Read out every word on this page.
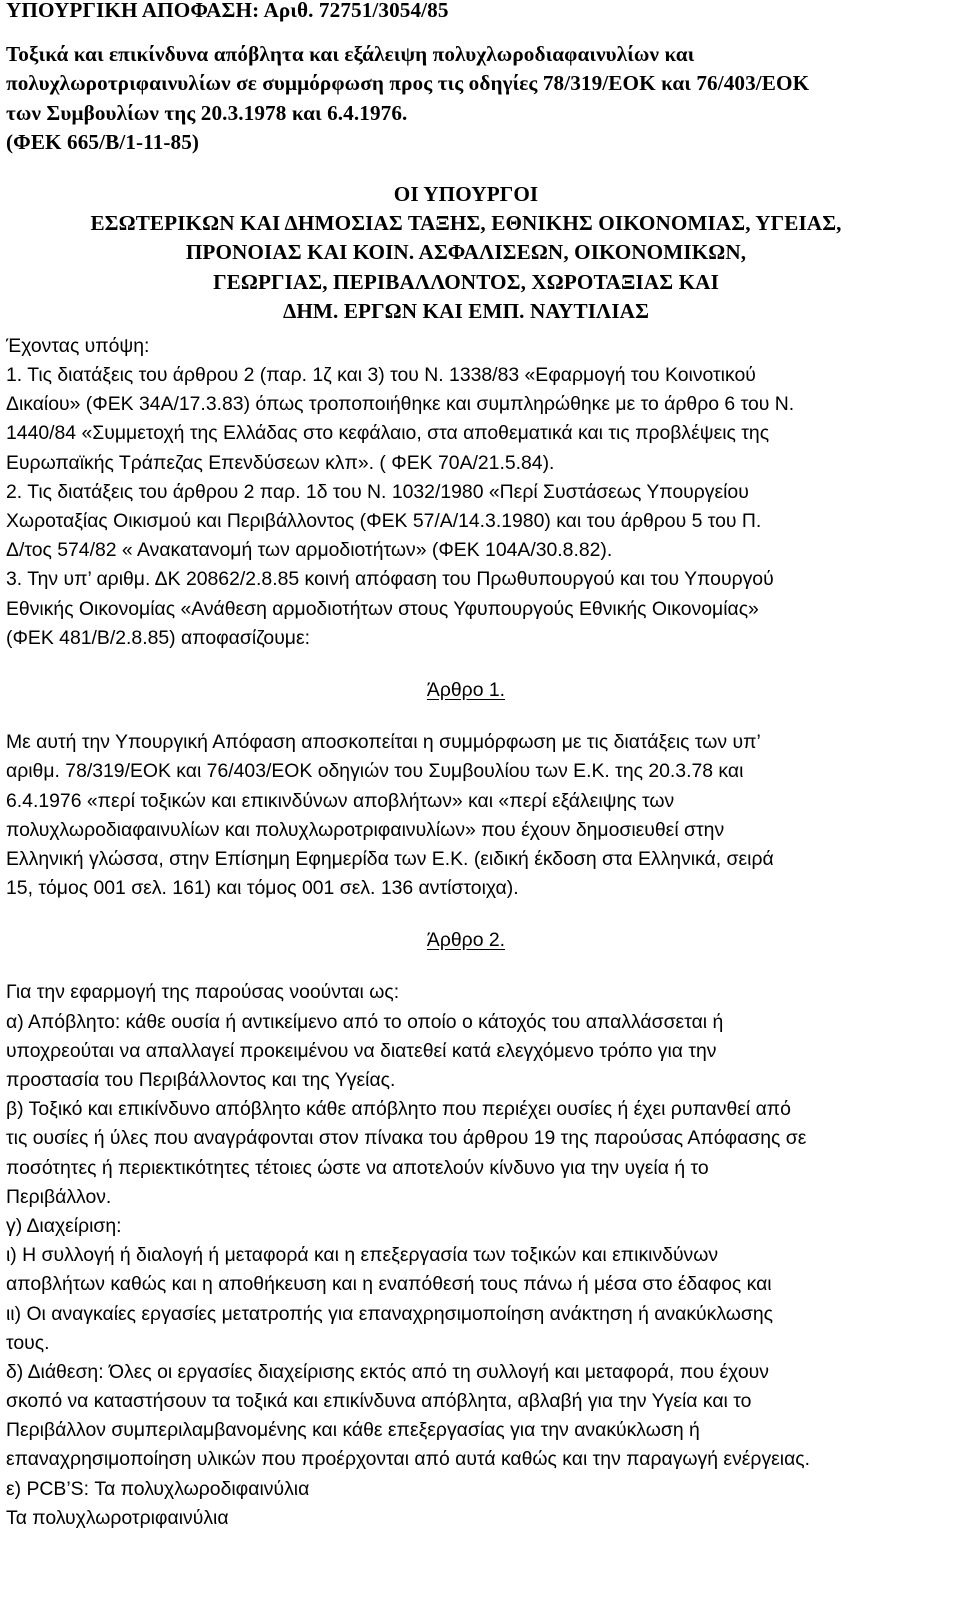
ΥΠΟΥΡΓΙΚΗ ΑΠΟΦΑΣΗ: Αριθ. 72751/3054/85
Τοξικά και επικίνδυνα απόβλητα και εξάλειψη πολυχλωροδιαφαινυλίων και
πολυχλωροτριφαινυλίων σε συμμόρφωση προς τις οδηγίες 78/319/ΕΟΚ και 76/403/ΕΟΚ
των Συμβουλίων της 20.3.1978 και 6.4.1976.
(ΦΕΚ 665/Β/1-11-85)
ΟΙ ΥΠΟΥΡΓΟΙ
ΕΣΩΤΕΡΙΚΩΝ ΚΑΙ ΔΗΜΟΣΙΑΣ ΤΑΞΗΣ, ΕΘΝΙΚΗΣ ΟΙΚΟΝΟΜΙΑΣ, ΥΓΕΙΑΣ,
ΠΡΟΝΟΙΑΣ ΚΑΙ ΚΟΙΝ. ΑΣΦΑΛΙΣΕΩΝ, ΟΙΚΟΝΟΜΙΚΩΝ,
ΓΕΩΡΓΙΑΣ, ΠΕΡΙΒΑΛΛΟΝΤΟΣ, ΧΩΡΟΤΑΞΙΑΣ ΚΑΙ
ΔΗΜ. ΕΡΓΩΝ ΚΑΙ ΕΜΠ. ΝΑΥΤΙΛΙΑΣ
Έχοντας υπόψη:
1. Τις διατάξεις του άρθρου 2 (παρ. 1ζ και 3) του Ν. 1338/83 «Εφαρμογή του Κοινοτικού
Δικαίου» (ΦΕΚ 34Α/17.3.83) όπως τροποποιήθηκε και συμπληρώθηκε με το άρθρο 6 του Ν.
1440/84 «Συμμετοχή της Ελλάδας στο κεφάλαιο, στα αποθεματικά και τις προβλέψεις της
Ευρωπαϊκής Τράπεζας Επενδύσεων κλπ». ( ΦΕΚ 70Α/21.5.84).
2. Τις διατάξεις του άρθρου 2 παρ. 1δ του Ν. 1032/1980 «Περί Συστάσεως Υπουργείου
Χωροταξίας Οικισμού και Περιβάλλοντος (ΦΕΚ 57/Α/14.3.1980) και του άρθρου 5 του Π.
Δ/τος 574/82 « Ανακατανομή των αρμοδιοτήτων» (ΦΕΚ 104Α/30.8.82).
3. Την υπ’ αριθμ. ΔΚ 20862/2.8.85 κοινή απόφαση του Πρωθυπουργού και του Υπουργού
Εθνικής Οικονομίας «Ανάθεση αρμοδιοτήτων στους Υφυπουργούς Εθνικής Οικονομίας»
(ΦΕΚ 481/Β/2.8.85) αποφασίζουμε:
Άρθρο 1.
Με αυτή την Υπουργική Απόφαση αποσκοπείται η συμμόρφωση με τις διατάξεις των υπ’
αριθμ. 78/319/ΕΟΚ και 76/403/ΕΟΚ οδηγιών του Συμβουλίου των Ε.Κ. της 20.3.78 και
6.4.1976 «περί τοξικών και επικινδύνων αποβλήτων» και «περί εξάλειψης των
πολυχλωροδιαφαινυλίων και πολυχλωροτριφαινυλίων» που έχουν δημοσιευθεί στην
Ελληνική γλώσσα, στην Επίσημη Εφημερίδα των Ε.Κ. (ειδική έκδοση στα Ελληνικά, σειρά
15, τόμος 001 σελ. 161) και τόμος 001 σελ. 136 αντίστοιχα).
Άρθρο 2.
Για την εφαρμογή της παρούσας νοούνται ως:
α) Απόβλητο: κάθε ουσία ή αντικείμενο από το οποίο ο κάτοχός του απαλλάσσεται ή
υποχρεούται να απαλλαγεί προκειμένου να διατεθεί κατά ελεγχόμενο τρόπο για την
προστασία του Περιβάλλοντος και της Υγείας.
β) Τοξικό και επικίνδυνο απόβλητο κάθε απόβλητο που περιέχει ουσίες ή έχει ρυπανθεί από
τις ουσίες ή ύλες που αναγράφονται στον πίνακα του άρθρου 19 της παρούσας Απόφασης σε
ποσότητες ή περιεκτικότητες τέτοιες ώστε να αποτελούν κίνδυνο για την υγεία ή το
Περιβάλλον.
γ) Διαχείριση:
ι) Η συλλογή ή διαλογή ή μεταφορά και η επεξεργασία των τοξικών και επικινδύνων
αποβλήτων καθώς και η αποθήκευση και η εναπόθεσή τους πάνω ή μέσα στο έδαφος και
ιι) Οι αναγκαίες εργασίες μετατροπής για επαναχρησιμοποίηση ανάκτηση ή ανακύκλωσης
τους.
δ) Διάθεση: Όλες οι εργασίες διαχείρισης εκτός από τη συλλογή και μεταφορά, που έχουν
σκοπό να καταστήσουν τα τοξικά και επικίνδυνα απόβλητα, αβλαβή για την Υγεία και το
Περιβάλλον συμπεριλαμβανομένης και κάθε επεξεργασίας για την ανακύκλωση ή
επαναχρησιμοποίηση υλικών που προέρχονται από αυτά καθώς και την παραγωγή ενέργειας.
ε) PCB’S: Τα πολυχλωροδιφαινύλια
Τα πολυχλωροτριφαινύλια
